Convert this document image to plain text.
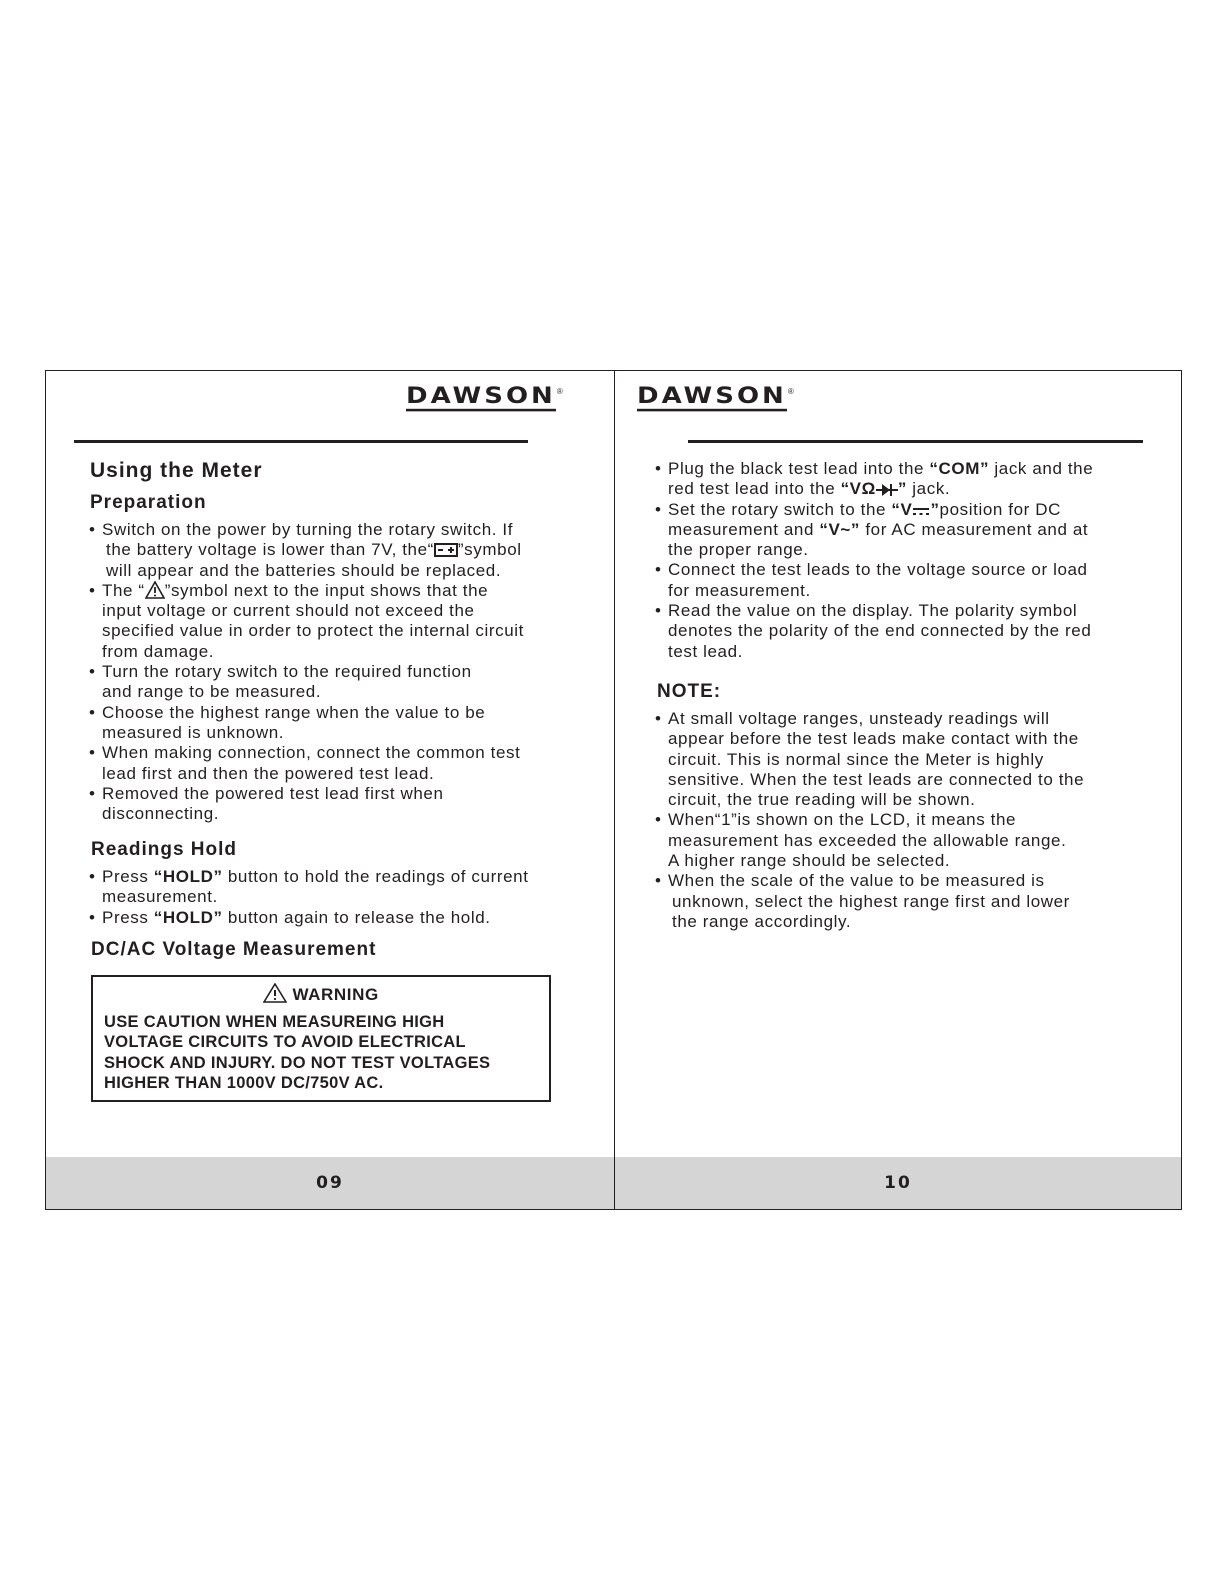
DAWSON ®
Using the Meter
Preparation
• Switch on the power by turning the rotary switch. If
the battery voltage is lower than 7V, the“ ”symbol
will appear and the batteries should be replaced.
• The “ ”symbol next to the input shows that the
input voltage or current should not exceed the
specified value in order to protect the internal circuit
from damage.
• Turn the rotary switch to the required function
and range to be measured.
• Choose the highest range when the value to be
measured is unknown.
• When making connection, connect the common test
lead first and then the powered test lead.
• Removed the powered test lead first when
disconnecting.
Readings Hold
• Press “HOLD” button to hold the readings of current
measurement.
• Press “HOLD” button again to release the hold.
DC/AC Voltage Measurement
WARNING
USE CAUTION WHEN MEASUREING HIGH
VOLTAGE CIRCUITS TO AVOID ELECTRICAL
SHOCK AND INJURY. DO NOT TEST VOLTAGES
HIGHER THAN 1000V DC/750V AC.
09
DAWSON ®
• Plug the black test lead into the “COM” jack and the
red test lead into the “VΩ ” jack.
• Set the rotary switch to the “V ”position for DC
measurement and “V~” for AC measurement and at
the proper range.
• Connect the test leads to the voltage source or load
for measurement.
• Read the value on the display. The polarity symbol
denotes the polarity of the end connected by the red
test lead.
NOTE:
• At small voltage ranges, unsteady readings will
appear before the test leads make contact with the
circuit. This is normal since the Meter is highly
sensitive. When the test leads are connected to the
circuit, the true reading will be shown.
• When“1”is shown on the LCD, it means the
measurement has exceeded the allowable range.
A higher range should be selected.
• When the scale of the value to be measured is
unknown, select the highest range first and lower
the range accordingly.
10
